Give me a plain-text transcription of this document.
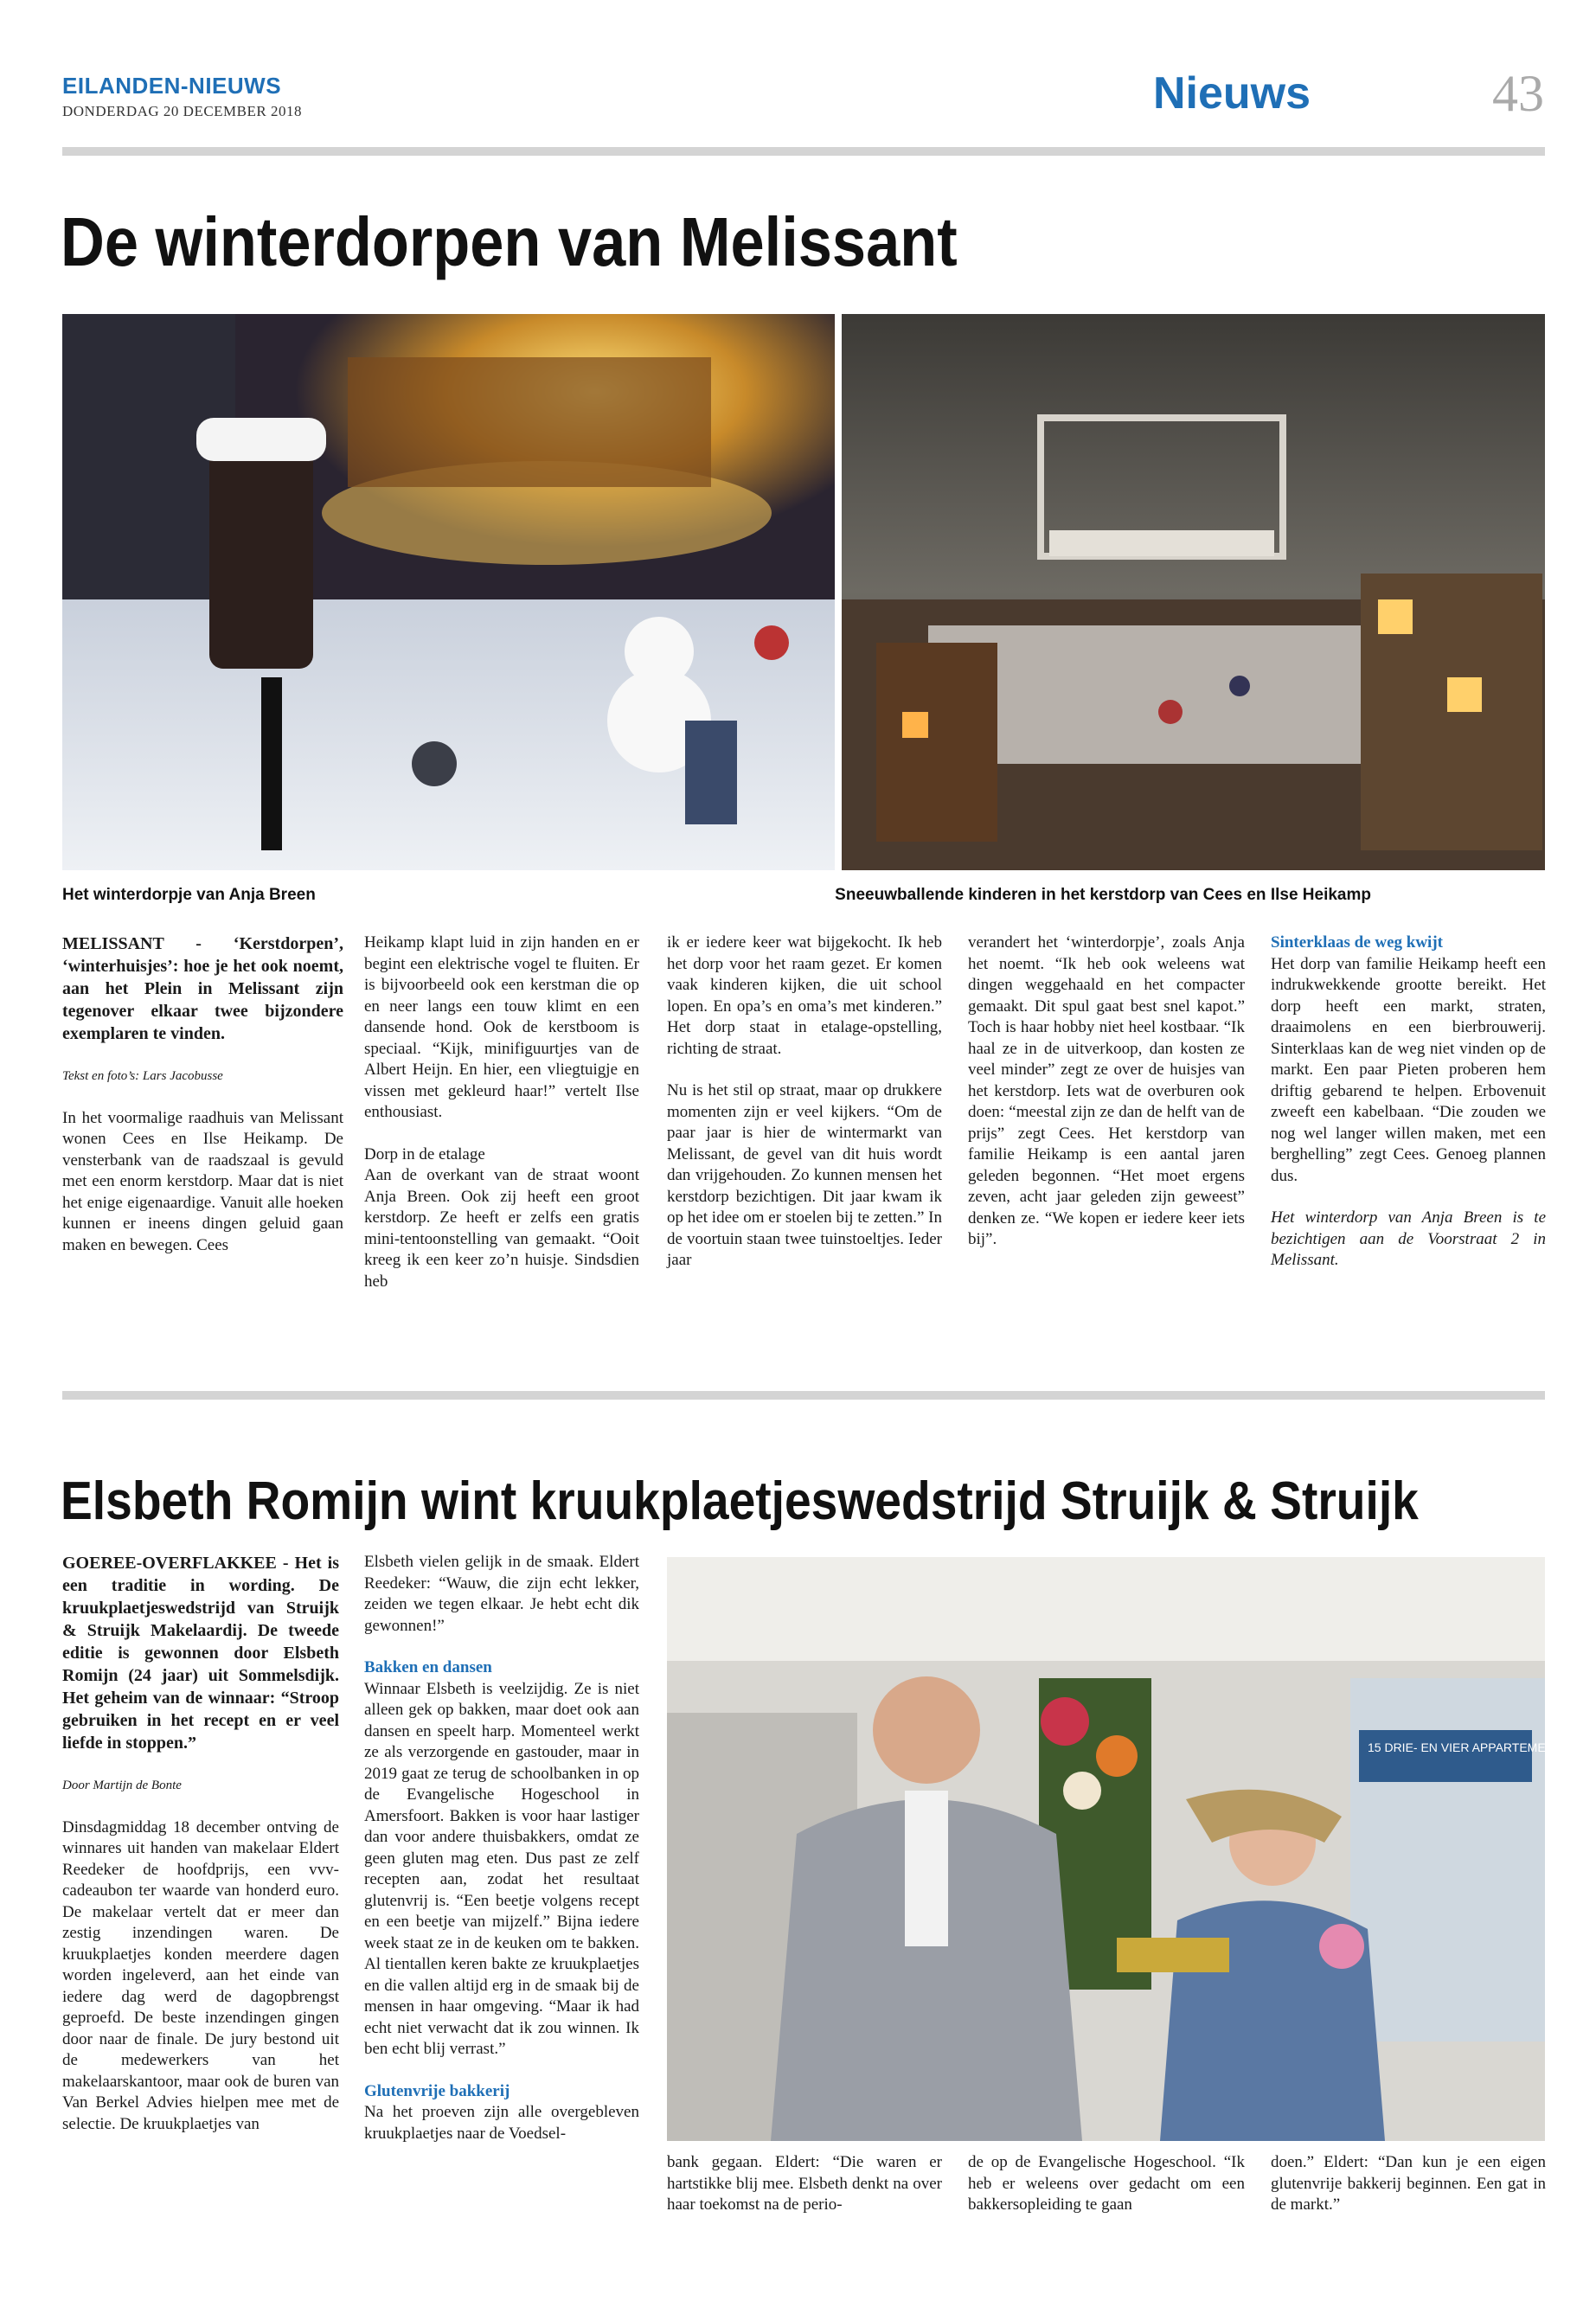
EILANDEN-NIEUWS
DONDERDAG 20 DECEMBER 2018	Nieuws	43
De winterdorpen van Melissant
Het winterdorpje van Anja Breen	Sneeuwballende kinderen in het kerstdorp van Cees en Ilse Heikamp

MELISSANT - ‘Kerstdorpen’, ‘winterhuisjes’: hoe je het ook noemt, aan het Plein in Melissant zijn tegenover elkaar twee bijzondere exemplaren te vinden.

Tekst en foto’s: Lars Jacobusse

In het voormalige raadhuis van Melissant wonen Cees en Ilse Heikamp. De vensterbank van de raadszaal is gevuld met een enorm kerstdorp. Maar dat is niet het enige eigenaardige. Vanuit alle hoeken kunnen er ineens dingen geluid gaan maken en bewegen. Cees

Heikamp klapt luid in zijn handen en er begint een elektrische vogel te fluiten. Er is bijvoorbeeld ook een kerstman die op en neer langs een touw klimt en een dansende hond. Ook de kerstboom is speciaal. “Kijk, minifiguurtjes van de Albert Heijn. En hier, een vliegtuigje en vissen met gekleurd haar!” vertelt Ilse enthousiast.

Dorp in de etalage

Aan de overkant van de straat woont Anja Breen. Ook zij heeft een groot kerstdorp. Ze heeft er zelfs een gratis mini-tentoonstelling van gemaakt. “Ooit kreeg ik een keer zo’n huisje. Sindsdien heb

ik er iedere keer wat bijgekocht. Ik heb het dorp voor het raam gezet. Er komen vaak kinderen kijken, die uit school lopen. En opa’s en oma’s met kinderen.” Het dorp staat in etalage-opstelling, richting de straat.

Nu is het stil op straat, maar op drukkere momenten zijn er veel kijkers. “Om de paar jaar is hier de wintermarkt van Melissant, de gevel van dit huis wordt dan vrijgehouden. Zo kunnen mensen het kerstdorp bezichtigen. Dit jaar kwam ik op het idee om er stoelen bij te zetten.” In de voortuin staan twee tuinstoeltjes. Ieder jaar

verandert het ‘winterdorpje’, zoals Anja het noemt. “Ik heb ook weleens wat dingen weggehaald en het compacter gemaakt. Dit spul gaat best snel kapot.” Toch is haar hobby niet heel kostbaar. “Ik haal ze in de uitverkoop, dan kosten ze veel minder” zegt ze over de huisjes van het kerstdorp. Iets wat de overburen ook doen: “meestal zijn ze dan de helft van de prijs” zegt Cees. Het kerstdorp van familie Heikamp is een aantal jaren geleden begonnen. “Het moet ergens zeven, acht jaar geleden zijn geweest” denken ze. “We kopen er iedere keer iets bij”.

Sinterklaas de weg kwijt

Het dorp van familie Heikamp heeft een indrukwekkende grootte bereikt. Het dorp heeft een markt, straten, draaimolens en een bierbrouwerij. Sinterklaas kan de weg niet vinden op de markt. Een paar Pieten proberen hem driftig gebarend te helpen. Erbovenuit zweeft een kabelbaan. “Die zouden we nog wel langer willen maken, met een berghelling” zegt Cees. Genoeg plannen dus.

Het winterdorp van Anja Breen is te bezichtigen aan de Voorstraat 2 in Melissant.

Elsbeth Romijn wint kruukplaetjeswedstrijd Struijk & Struijk
15 DRIE- EN VIER APPARTEMENTEN

GOEREE-OVERFLAKKEE - Het is een traditie in wording. De kruukplaetjeswedstrijd van Struijk & Struijk Makelaardij. De tweede editie is gewonnen door Elsbeth Romijn (24 jaar) uit Sommelsdijk. Het geheim van de winnaar: “Stroop gebruiken in het recept en er veel liefde in stoppen.”

Door Martijn de Bonte

Dinsdagmiddag 18 december ontving de winnares uit handen van makelaar Eldert Reedeker de hoofdprijs, een vvv-cadeaubon ter waarde van honderd euro. De makelaar vertelt dat er meer dan zestig inzendingen waren. De kruukplaetjes konden meerdere dagen worden ingeleverd, aan het einde van iedere dag werd de dagopbrengst geproefd. De beste inzendingen gingen door naar de finale. De jury bestond uit de medewerkers van het makelaarskantoor, maar ook de buren van Van Berkel Advies hielpen mee met de selectie. De kruukplaetjes van

Elsbeth vielen gelijk in de smaak. Eldert Reedeker: “Wauw, die zijn echt lekker, zeiden we tegen elkaar. Je hebt echt dik gewonnen!”

Bakken en dansen

Winnaar Elsbeth is veelzijdig. Ze is niet alleen gek op bakken, maar doet ook aan dansen en speelt harp. Momenteel werkt ze als verzorgende en gastouder, maar in 2019 gaat ze terug de schoolbanken in op de Evangelische Hogeschool in Amersfoort. Bakken is voor haar lastiger dan voor andere thuisbakkers, omdat ze geen gluten mag eten. Dus past ze zelf recepten aan, zodat het resultaat glutenvrij is. “Een beetje volgens recept en een beetje van mijzelf.” Bijna iedere week staat ze in de keuken om te bakken. Al tientallen keren bakte ze kruukplaetjes en die vallen altijd erg in de smaak bij de mensen in haar omgeving. “Maar ik had echt niet verwacht dat ik zou winnen. Ik ben echt blij verrast.”

Glutenvrije bakkerij

Na het proeven zijn alle overgebleven kruukplaetjes naar de Voedsel-

bank gegaan. Eldert: “Die waren er hartstikke blij mee. Elsbeth denkt na over haar toekomst na de perio-

de op de Evangelische Hogeschool. “Ik heb er weleens over gedacht om een bakkersopleiding te gaan

doen.” Eldert: “Dan kun je een eigen glutenvrije bakkerij beginnen. Een gat in de markt.”
